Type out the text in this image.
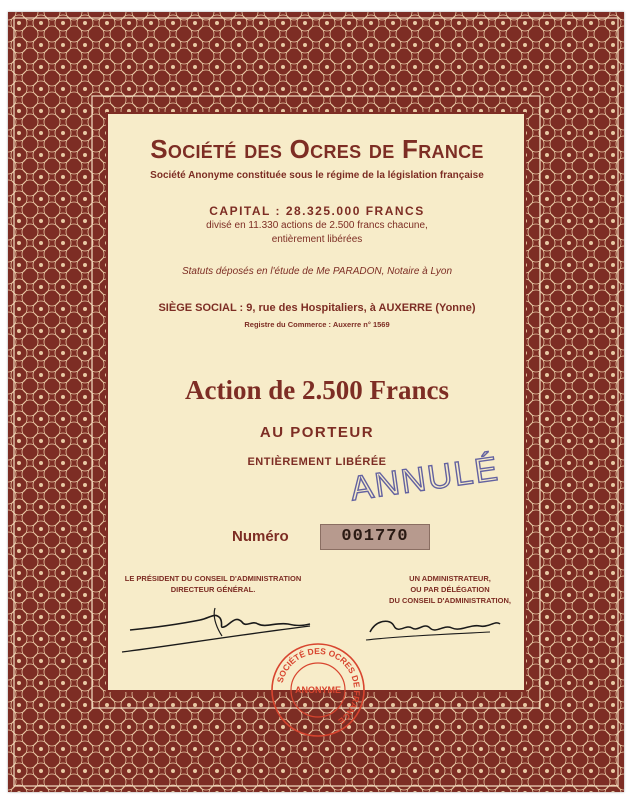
Société des Ocres de France
Société Anonyme constituée sous le régime de la législation française
CAPITAL : 28.325.000 FRANCS
divisé en 11.330 actions de 2.500 francs chacune,
entièrement libérées
Statuts déposés en l'étude de Me PARADON, Notaire à Lyon
SIÈGE SOCIAL : 9, rue des Hospitaliers, à AUXERRE (Yonne)
Registre du Commerce : Auxerre n° 1569
Action de 2.500 Francs
AU PORTEUR
ENTIÈREMENT LIBÉRÉE
ANNULÉ
Numéro	001770
LE PRÉSIDENT DU CONSEIL D'ADMINISTRATION
DIRECTEUR GÉNÉRAL.
UN ADMINISTRATEUR,
OU PAR DÉLÉGATION
DU CONSEIL D'ADMINISTRATION,
SOCIÉTÉ DES OCRES DE FRANCE
ANONYME
